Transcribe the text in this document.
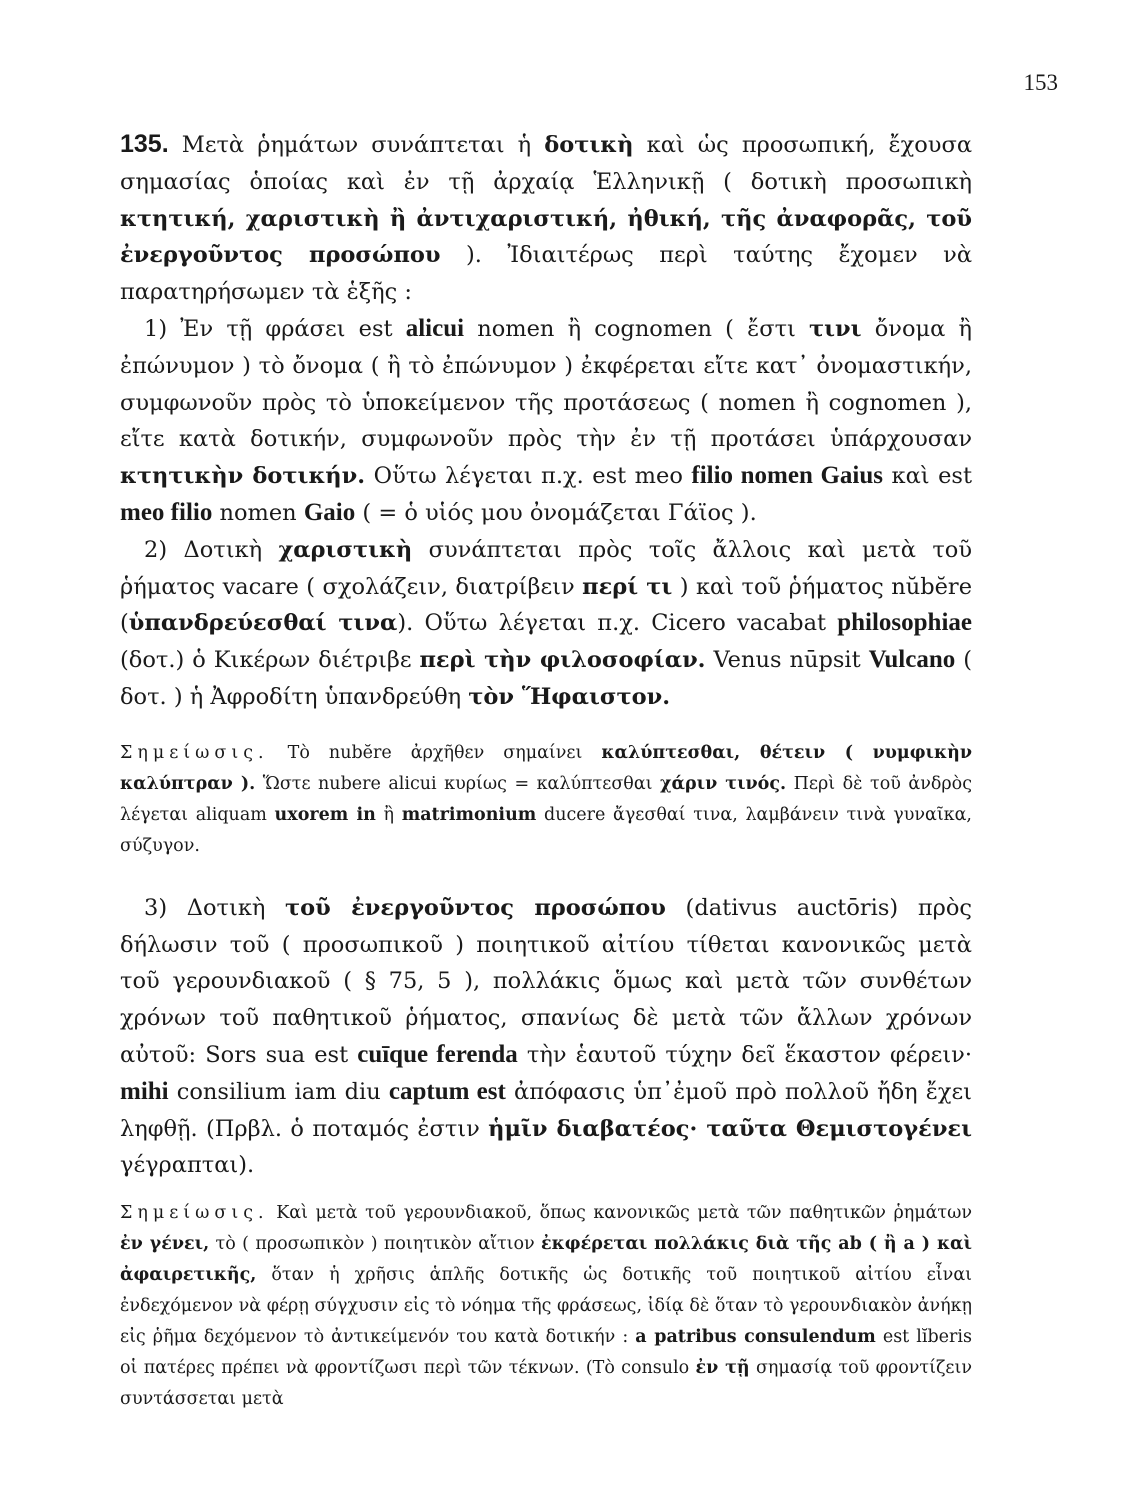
153

135. Μετὰ ῥημάτων συνάπτεται ἡ δοτικὴ καὶ ὡς προσωπική, ἔχουσα σημασίας ὁποίας καὶ ἐν τῇ ἀρχαίᾳ Ἑλληνικῇ ( δοτικὴ προσωπικὴ κτητική, χαριστικὴ ἢ ἀντιχαριστική, ἠθική, τῆς ἀναφορᾶς, τοῦ ἐνεργοῦντος προσώπου ). Ἰδιαιτέρως περὶ ταύτης ἔχομεν νὰ παρατηρήσωμεν τὰ ἑξῆς :

1) Ἐν τῇ φράσει est alicui nomen ἢ cognomen ( ἔστι τινι ὄνομα ἢ ἐπώνυμον ) τὸ ὄνομα ( ἢ τὸ ἐπώνυμον ) ἐκφέρεται εἴτε κατ᾽ ὀνομαστικήν, συμφωνοῦν πρὸς τὸ ὑποκείμενον τῆς προτάσεως ( nomen ἢ cognomen ), εἴτε κατὰ δοτικήν, συμφωνοῦν πρὸς τὴν ἐν τῇ προτάσει ὑπάρχουσαν κτητικὴν δοτικήν. Οὕτω λέγεται π.χ. est meo filio nomen Gaius καὶ est meo filio nomen Gaio ( = ὁ υἱός μου ὀνομάζεται Γάϊος ).

2) Δοτικὴ χαριστικὴ συνάπτεται πρὸς τοῖς ἄλλοις καὶ μετὰ τοῦ ῥήματος vacare ( σχολάζειν, διατρίβειν περί τι ) καὶ τοῦ ῥήματος nŭbĕre (ὑπανδρεύεσθαί τινα). Οὕτω λέγεται π.χ. Cicero vacabat philosophiae (δοτ.) ὁ Κικέρων διέτριβε περὶ τὴν φιλοσοφίαν. Venus nūpsit Vulcano ( δοτ. ) ἡ Ἀφροδίτη ὑπανδρεύθη τὸν Ἥφαιστον.

Σημείωσις. Τὸ nubĕre ἀρχῆθεν σημαίνει καλύπτεσθαι, θέτειν ( νυμφικὴν καλύπτραν ). Ὥστε nubere alicui κυρίως = καλύπτεσθαι χάριν τινός. Περὶ δὲ τοῦ ἀνδρὸς λέγεται aliquam uxorem in ἢ matrimonium ducere ἄγεσθαί τινα, λαμβάνειν τινὰ γυναῖκα, σύζυγον.

3) Δοτικὴ τοῦ ἐνεργοῦντος προσώπου (dativus auctōris) πρὸς δήλωσιν τοῦ ( προσωπικοῦ ) ποιητικοῦ αἰτίου τίθεται κανονικῶς μετὰ τοῦ γερουνδιακοῦ ( § 75, 5 ), πολλάκις ὅμως καὶ μετὰ τῶν συνθέτων χρόνων τοῦ παθητικοῦ ῥήματος, σπανίως δὲ μετὰ τῶν ἄλλων χρόνων αὐτοῦ: Sors sua est cuīque ferenda τὴν ἑαυτοῦ τύχην δεῖ ἕκαστον φέρειν· mihi consilium iam diu captum est ἀπόφασις ὑπ᾽ἐμοῦ πρὸ πολλοῦ ἤδη ἔχει ληφθῇ. (Πρβλ. ὁ ποταμός ἐστιν ἡμῖν διαβατέος· ταῦτα Θεμιστογένει γέγραπται).

Σημείωσις. Καὶ μετὰ τοῦ γερουνδιακοῦ, ὅπως κανονικῶς μετὰ τῶν παθητικῶν ῥημάτων ἐν γένει, τὸ ( προσωπικὸν ) ποιητικὸν αἴτιον ἐκφέρεται πολλάκις διὰ τῆς ab ( ἢ a ) καὶ ἀφαιρετικῆς, ὅταν ἡ χρῆσις ἁπλῆς δοτικῆς ὡς δοτικῆς τοῦ ποιητικοῦ αἰτίου εἶναι ἐνδεχόμενον νὰ φέρῃ σύγχυσιν εἰς τὸ νόημα τῆς φράσεως, ἰδίᾳ δὲ ὅταν τὸ γερουνδιακὸν ἀνήκῃ εἰς ῥῆμα δεχόμενον τὸ ἀντικείμενόν του κατὰ δοτικήν : a patribus consulendum est lĭberis οἱ πατέρες πρέπει νὰ φροντίζωσι περὶ τῶν τέκνων. (Τὸ consulo ἐν τῇ σημασίᾳ τοῦ φροντίζειν συντάσσεται μετὰ
